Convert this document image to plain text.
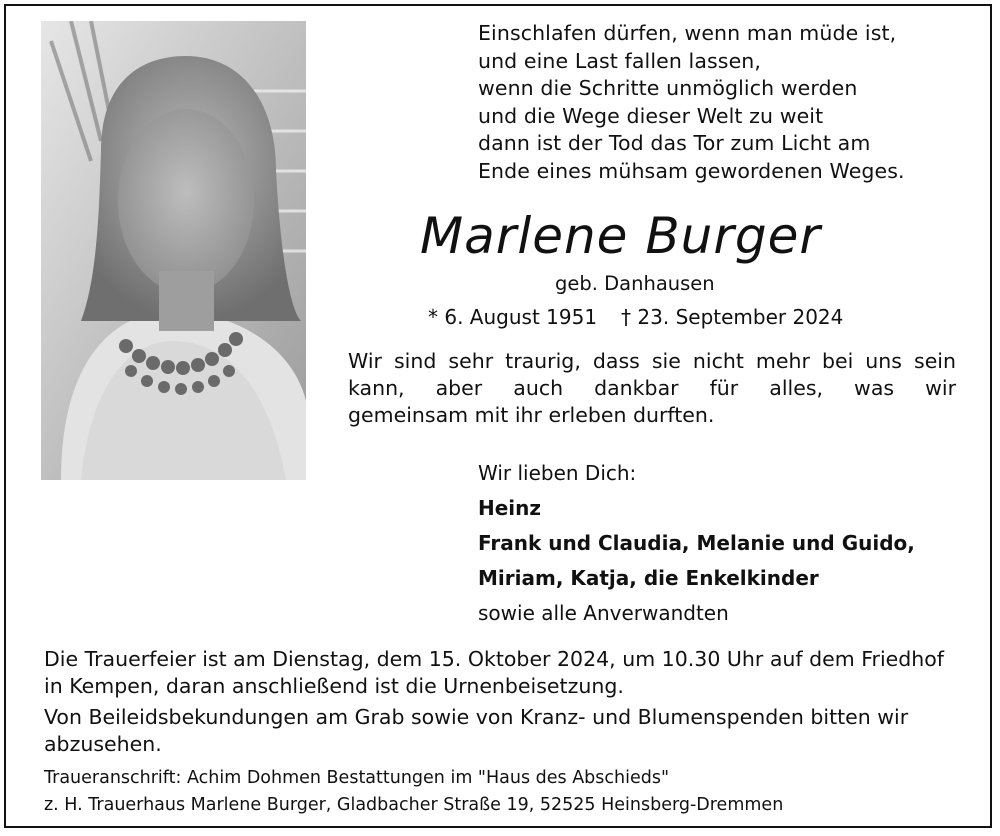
Einschlafen dürfen, wenn man müde ist,
und eine Last fallen lassen,
wenn die Schritte unmöglich werden
und die Wege dieser Welt zu weit
dann ist der Tod das Tor zum Licht am
Ende eines mühsam gewordenen Weges.
Marlene Burger
geb. Danhausen
* 6. August 1951 † 23. September 2024
Wir sind sehr traurig, dass sie nicht mehr bei uns sein
kann, aber auch dankbar für alles, was wir
gemeinsam mit ihr erleben durften.
Wir lieben Dich:
Heinz
Frank und Claudia, Melanie und Guido,
Miriam, Katja, die Enkelkinder
sowie alle Anverwandten

Die Trauerfeier ist am Dienstag, dem 15. Oktober 2024, um 10.30 Uhr auf dem Friedhof in Kempen, daran anschließend ist die Urnenbeisetzung.

Von Beileidsbekundungen am Grab sowie von Kranz- und Blumenspenden bitten wir abzusehen.

Traueranschrift: Achim Dohmen Bestattungen im "Haus des Abschieds"
z. H. Trauerhaus Marlene Burger, Gladbacher Straße 19, 52525 Heinsberg-Dremmen
